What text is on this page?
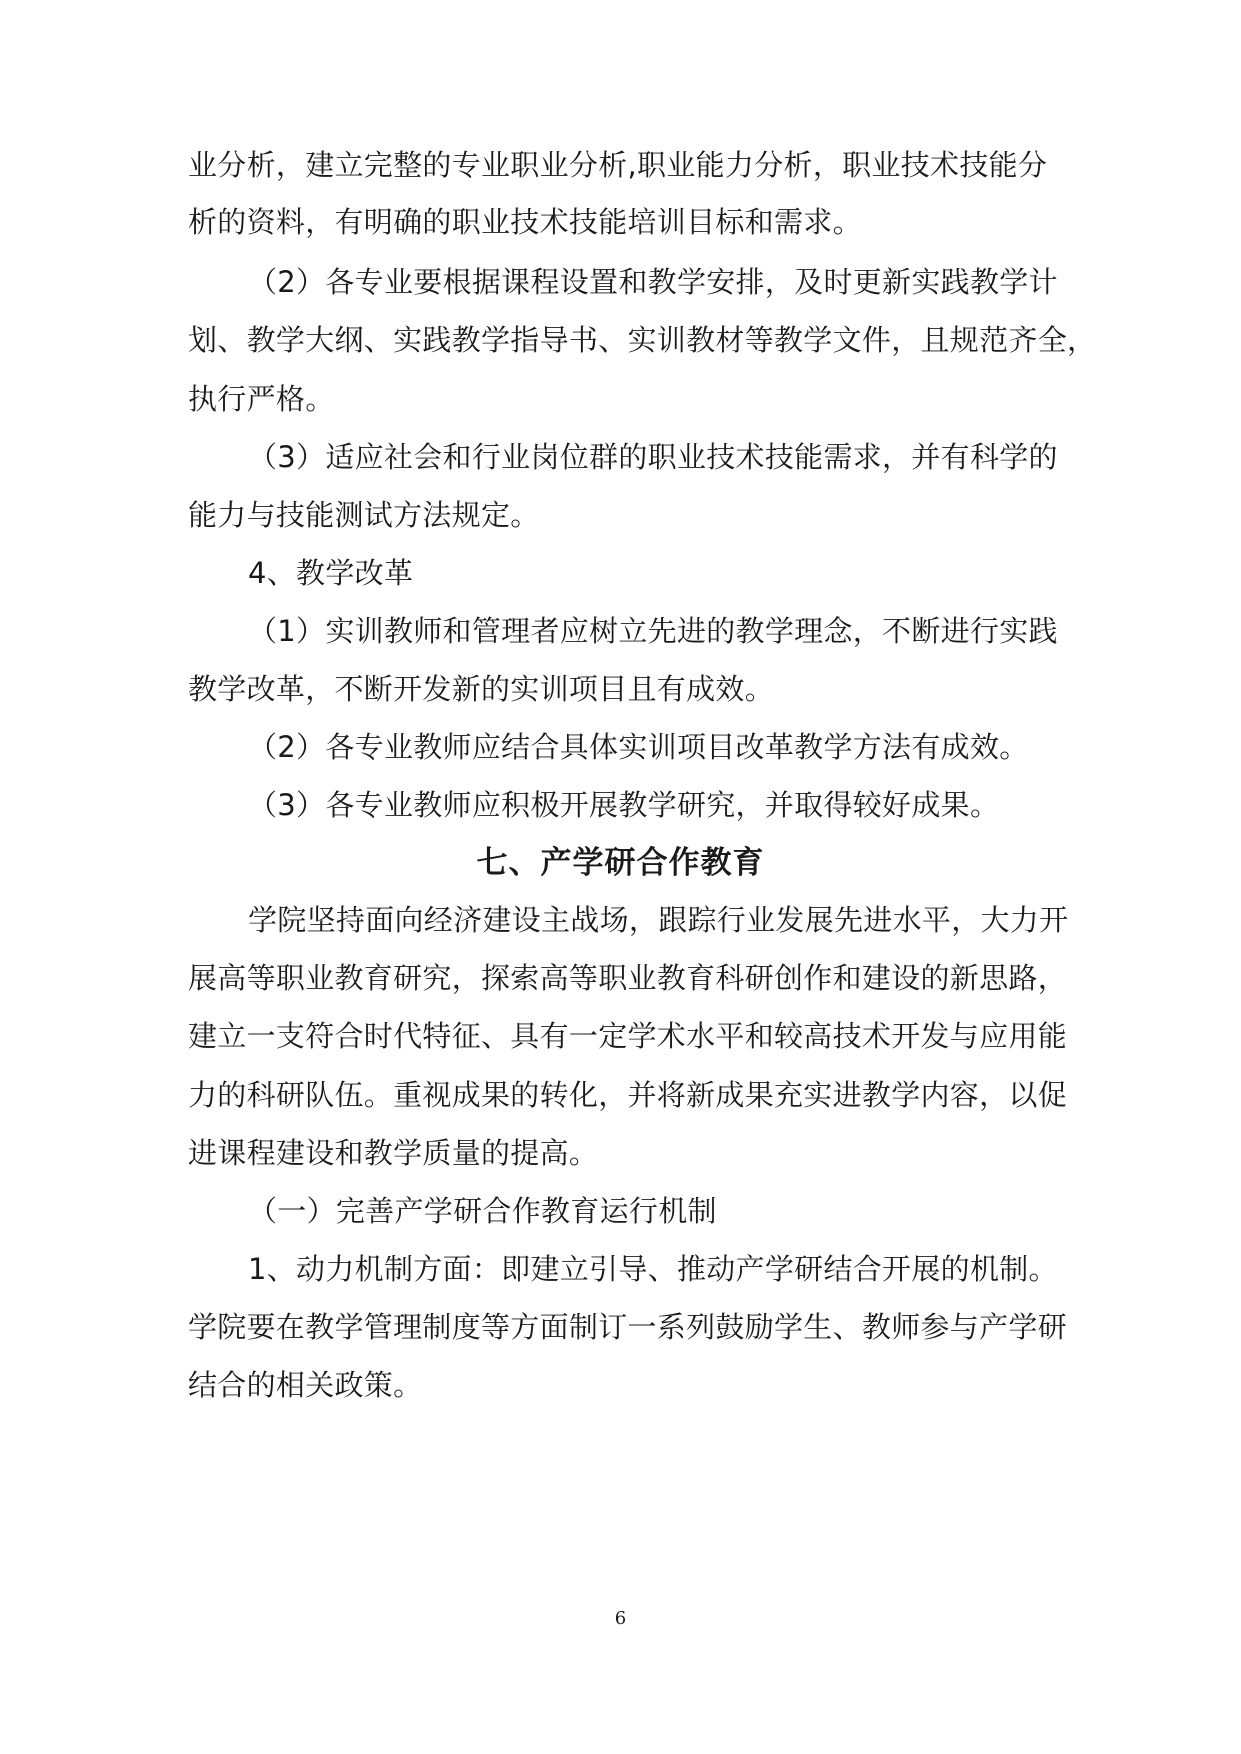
业分析，建立完整的专业职业分析,职业能力分析，职业技术技能分
析的资料，有明确的职业技术技能培训目标和需求。
（2）各专业要根据课程设置和教学安排，及时更新实践教学计
划、教学大纲、实践教学指导书、实训教材等教学文件，且规范齐全，
执行严格。
（3）适应社会和行业岗位群的职业技术技能需求，并有科学的
能力与技能测试方法规定。
4、教学改革
（1）实训教师和管理者应树立先进的教学理念，不断进行实践
教学改革，不断开发新的实训项目且有成效。
（2）各专业教师应结合具体实训项目改革教学方法有成效。
（3）各专业教师应积极开展教学研究，并取得较好成果。
七、产学研合作教育
学院坚持面向经济建设主战场，跟踪行业发展先进水平，大力开
展高等职业教育研究，探索高等职业教育科研创作和建设的新思路，
建立一支符合时代特征、具有一定学术水平和较高技术开发与应用能
力的科研队伍。重视成果的转化，并将新成果充实进教学内容，以促
进课程建设和教学质量的提高。
（一）完善产学研合作教育运行机制
1、动力机制方面：即建立引导、推动产学研结合开展的机制。
学院要在教学管理制度等方面制订一系列鼓励学生、教师参与产学研
结合的相关政策。
6
